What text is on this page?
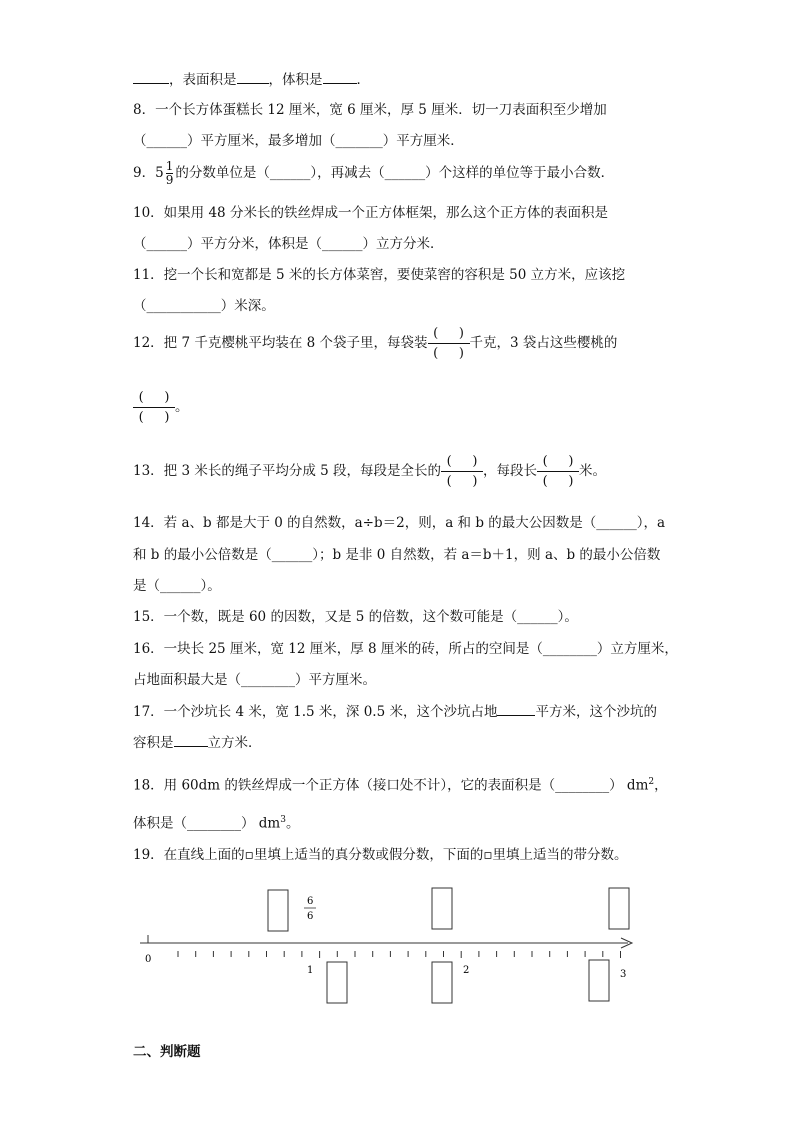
，表面积是 ，体积是	．
8．一个长方体蛋糕长 12 厘米，宽 6 厘米，厚 5 厘米．切一刀表面积至少增加
（______）平方厘米，最多增加（_______）平方厘米．
9．$5 \frac{1}{9}$ 的分数单位是（______），再减去（______）个这样的单位等于最小合数．
10．如果用 48 分米长的铁丝焊成一个正方体框架，那么这个正方体的表面积是
（______）平方分米，体积是（______）立方分米．
11．挖一个长和宽都是 5 米的长方体菜窖，要使菜窖的容积是 50 立方米，应该挖
（___________）米深。
12．把 7 千克樱桃平均装在 8 个袋子里，每袋装
(     )
(     )
千克，3 袋占这些樱桃的
(     )
(     )
。
13．把 3 米长的绳子平均分成 5 段，每段是全长的
(     )
(     )
，每段长
(     )
(     )
米。
14．若 a、b 都是大于 0 的自然数，a÷b＝2，则，a 和 b 的最大公因数是（______），a
和 b 的最小公倍数是（______）；b 是非 0 自然数，若 a＝b＋1，则 a、b 的最小公倍数
是（______）。
15．一个数，既是 60 的因数，又是 5 的倍数，这个数可能是（______）。
16．一块长 25 厘米，宽 12 厘米，厚 8 厘米的砖，所占的空间是（________）立方厘米，
占地面积最大是（________）平方厘米。
17．一个沙坑长 4 米，宽 1.5 米，深 0.5 米，这个沙坑占地	平方米，这个沙坑的
容积是	立方米．
18．用 60dm 的铁丝焊成一个正方体（接口处不计），它的表面积是（________） $dm^2$，
体积是（________） $dm^3$。
19．在直线上面的▫里填上适当的真分数或假分数，下面的▫里填上适当的带分数。
0
1	2	3
6
6
二、判断题
